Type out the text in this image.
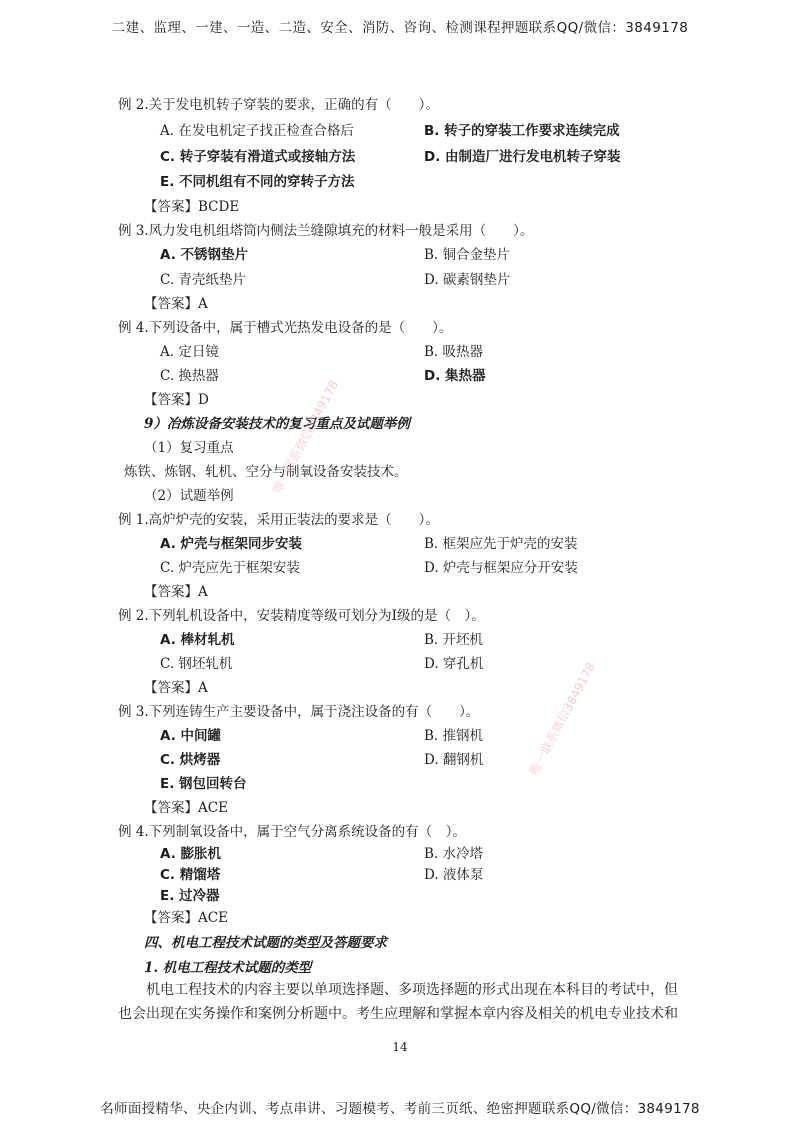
二建、监理、一建、一造、二造、安全、消防、咨询、检测课程押题联系QQ/微信：3849178
例 2.关于发电机转子穿装的要求，正确的有（　　）。
A. 在发电机定子找正检查合格后	B. 转子的穿装工作要求连续完成
C. 转子穿装有滑道式或接轴方法	D. 由制造厂进行发电机转子穿装
E. 不同机组有不同的穿转子方法
【答案】BCDE
例 3.风力发电机组塔筒内侧法兰缝隙填充的材料一般是采用（　　）。
A. 不锈钢垫片	B. 铜合金垫片
C. 青壳纸垫片	D. 碳素钢垫片
【答案】A
例 4.下列设备中，属于槽式光热发电设备的是（　　）。
A. 定日镜	B. 吸热器
C. 换热器	D. 集热器
【答案】D
9）冶炼设备安装技术的复习重点及试题举例
（1）复习重点
炼铁、炼钢、轧机、空分与制氧设备安装技术。
（2）试题举例
例 1.高炉炉壳的安装，采用正装法的要求是（　　）。
A. 炉壳与框架同步安装	B. 框架应先于炉壳的安装
C. 炉壳应先于框架安装	D. 炉壳与框架应分开安装
【答案】A
例 2.下列轧机设备中，安装精度等级可划分为Ⅰ级的是（　）。
A. 棒材轧机	B. 开坯机
C. 钢坯轧机	D. 穿孔机
【答案】A
例 3.下列连铸生产主要设备中，属于浇注设备的有（　　）。
A. 中间罐	B. 推钢机
C. 烘烤器	D. 翻钢机
E. 钢包回转台
【答案】ACE
例 4.下列制氧设备中，属于空气分离系统设备的有（　）。
A. 膨胀机	B. 水冷塔
C. 精馏塔	D. 液体泵
E. 过冷器
【答案】ACE
四、机电工程技术试题的类型及答题要求
1. 机电工程技术试题的类型
机电工程技术的内容主要以单项选择题、多项选择题的形式出现在本科目的考试中，但也会出现在实务操作和案例分析题中。考生应理解和掌握本章内容及相关的机电专业技术和
14
名师面授精华、央企内训、考点串讲、习题模考、考前三页纸、绝密押题联系QQ/微信：3849178
唯一联系微信3849178
唯一联系微信3849178
